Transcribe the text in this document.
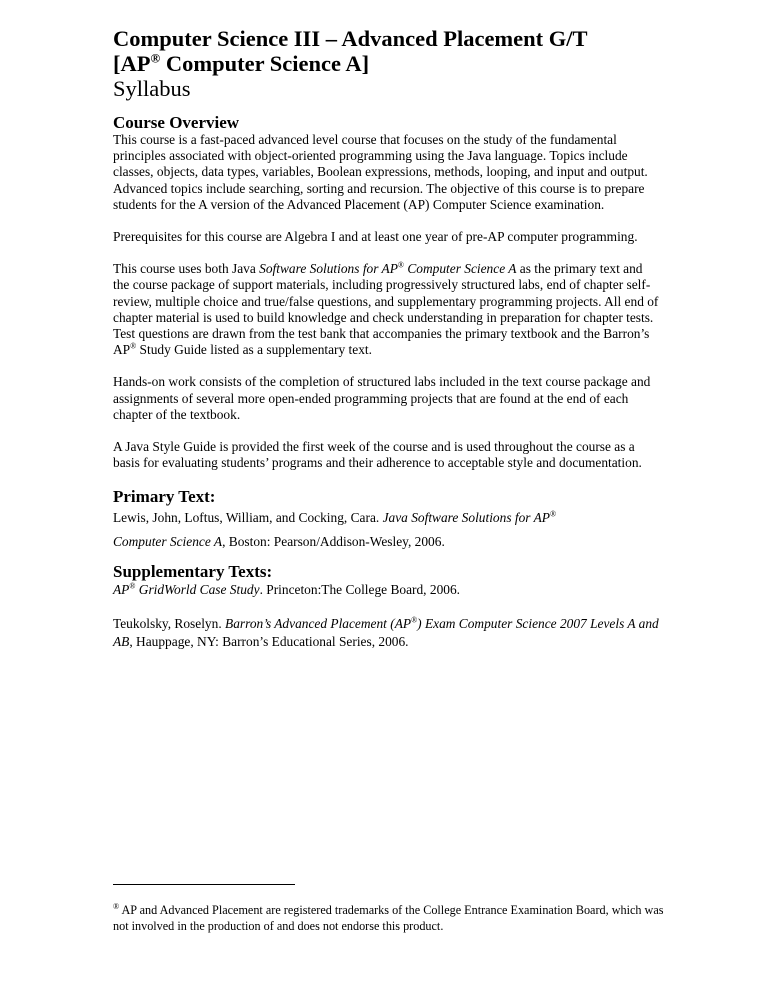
Computer Science III – Advanced Placement G/T
[AP® Computer Science A]
Syllabus
Course Overview

This course is a fast-paced advanced level course that focuses on the study of the fundamental principles associated with object-oriented programming using the Java language. Topics include classes, objects, data types, variables, Boolean expressions, methods, looping, and input and output. Advanced topics include searching, sorting and recursion. The objective of this course is to prepare students for the A version of the Advanced Placement (AP) Computer Science examination.

Prerequisites for this course are Algebra I and at least one year of pre-AP computer programming.

This course uses both Java Software Solutions for AP® Computer Science A as the primary text and the course package of support materials, including progressively structured labs, end of chapter self-review, multiple choice and true/false questions, and supplementary programming projects. All end of chapter material is used to build knowledge and check understanding in preparation for chapter tests. Test questions are drawn from the test bank that accompanies the primary textbook and the Barron’s AP® Study Guide listed as a supplementary text.

Hands-on work consists of the completion of structured labs included in the text course package and assignments of several more open-ended programming projects that are found at the end of each chapter of the textbook.

A Java Style Guide is provided the first week of the course and is used throughout the course as a basis for evaluating students’ programs and their adherence to acceptable style and documentation.

Primary Text:

Lewis, John, Loftus, William, and Cocking, Cara. Java Software Solutions for AP®
Computer Science A, Boston: Pearson/Addison-Wesley, 2006.

Supplementary Texts:

AP® GridWorld Case Study. Princeton:The College Board, 2006.

Teukolsky, Roselyn. Barron’s Advanced Placement (AP®) Exam Computer Science 2007 Levels A and AB, Hauppage, NY: Barron’s Educational Series, 2006.

® AP and Advanced Placement are registered trademarks of the College Entrance Examination Board, which was not involved in the production of and does not endorse this product.
